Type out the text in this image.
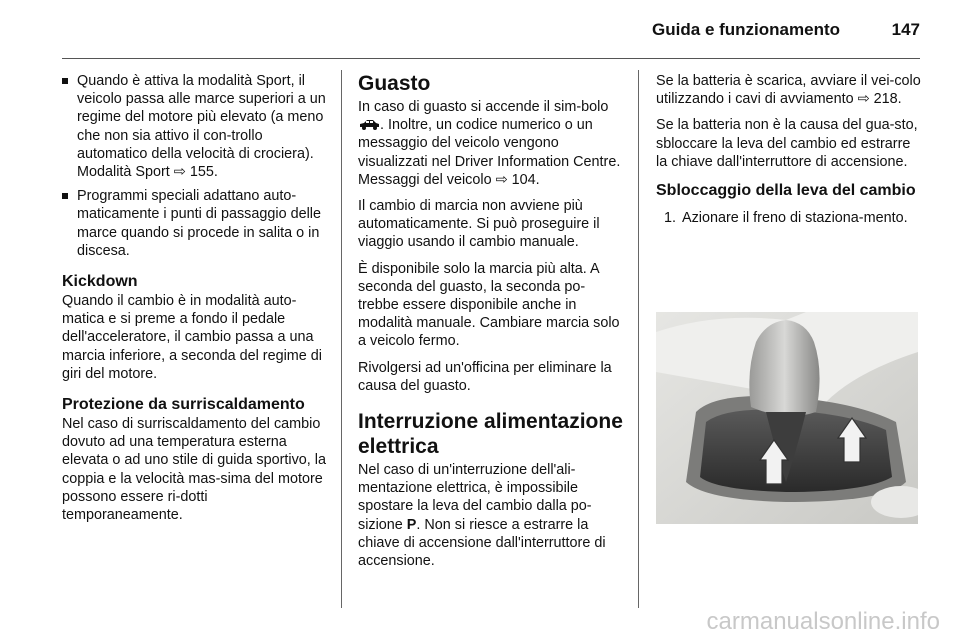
Guida e funzionamento	147
Quando è attiva la modalità Sport, il veicolo passa alle marce superiori a un regime del motore più elevato (a meno che non sia attivo il con-trollo automatico della velocità di crociera). Modalità Sport ⇨ 155.
Programmi speciali adattano auto-maticamente i punti di passaggio delle marce quando si procede in salita o in discesa.
Kickdown

Quando il cambio è in modalità auto-matica e si preme a fondo il pedale dell'acceleratore, il cambio passa a una marcia inferiore, a seconda del regime di giri del motore.

Protezione da surriscaldamento

Nel caso di surriscaldamento del cambio dovuto ad una temperatura esterna elevata o ad uno stile di guida sportivo, la coppia e la velocità mas-sima del motore possono essere ri-dotti temporaneamente.

Guasto

In caso di guasto si accende il sim-bolo . Inoltre, un codice numerico o un messaggio del veicolo vengono visualizzati nel Driver Information Centre. Messaggi del veicolo ⇨ 104.

Il cambio di marcia non avviene più automaticamente. Si può proseguire il viaggio usando il cambio manuale.

È disponibile solo la marcia più alta. A seconda del guasto, la seconda po-trebbe essere disponibile anche in modalità manuale. Cambiare marcia solo a veicolo fermo.

Rivolgersi ad un'officina per eliminare la causa del guasto.

Interruzione alimentazione elettrica

Nel caso di un'interruzione dell'ali-mentazione elettrica, è impossibile spostare la leva del cambio dalla po-sizione P. Non si riesce a estrarre la chiave di accensione dall'interruttore di accensione.

Se la batteria è scarica, avviare il vei-colo utilizzando i cavi di avviamento ⇨ 218.

Se la batteria non è la causa del gua-sto, sbloccare la leva del cambio ed estrarre la chiave dall'interruttore di accensione.

Sbloccaggio della leva del cambio
1. Azionare il freno di staziona-mento.
carmanualsonline.info
